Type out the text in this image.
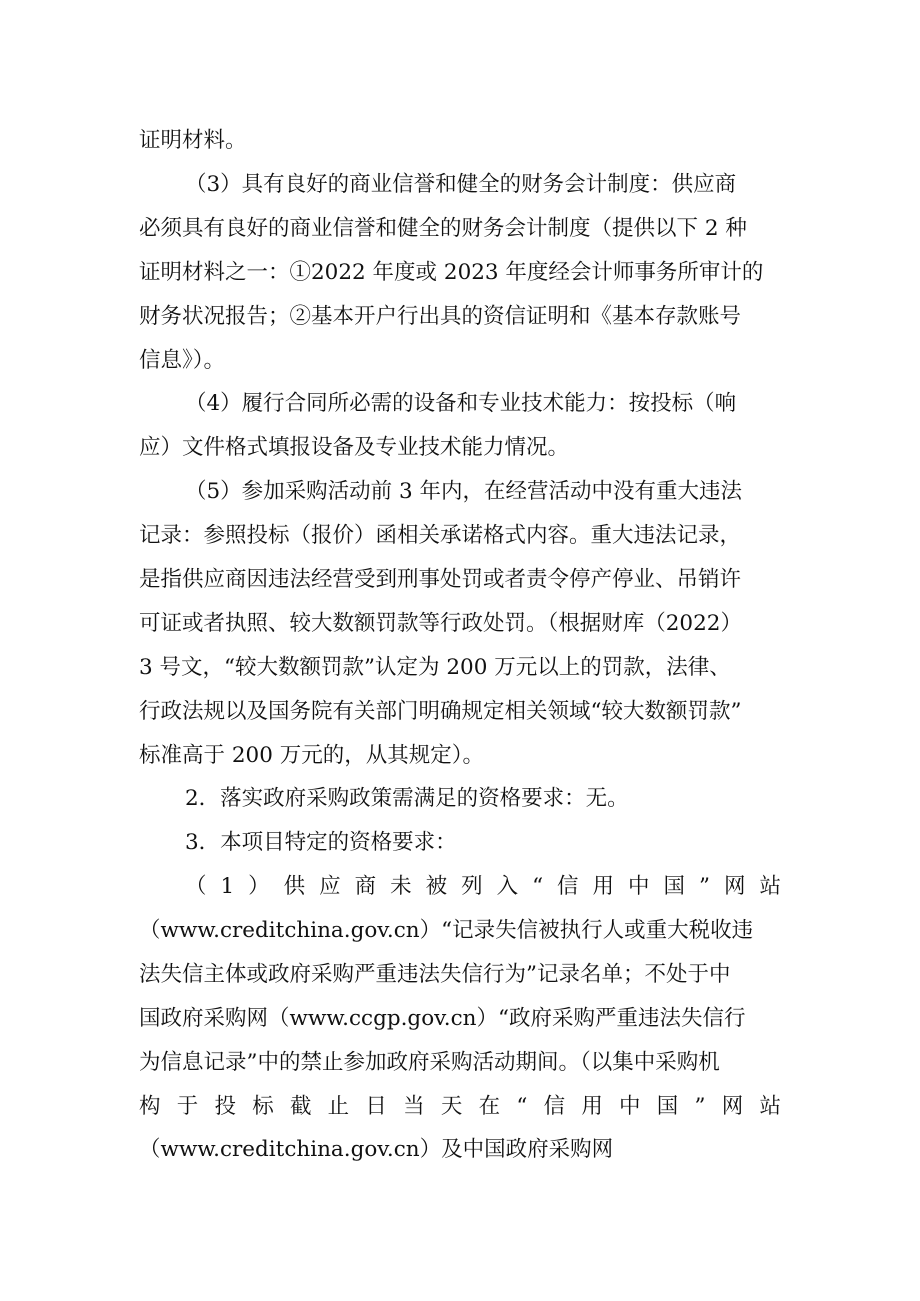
证明材料。
（3）具有良好的商业信誉和健全的财务会计制度：供应商
必须具有良好的商业信誉和健全的财务会计制度（提供以下 2 种
证明材料之一：①2022 年度或 2023 年度经会计师事务所审计的
财务状况报告；②基本开户行出具的资信证明和《基本存款账号
信息》）。
（4）履行合同所必需的设备和专业技术能力：按投标（响
应）文件格式填报设备及专业技术能力情况。
（5）参加采购活动前 3 年内，在经营活动中没有重大违法
记录：参照投标（报价）函相关承诺格式内容。重大违法记录，
是指供应商因违法经营受到刑事处罚或者责令停产停业、吊销许
可证或者执照、较大数额罚款等行政处罚。（根据财库（2022）
3 号文，“较大数额罚款”认定为 200 万元以上的罚款，法律、
行政法规以及国务院有关部门明确规定相关领域“较大数额罚款”
标准高于 200 万元的，从其规定）。
2．落实政府采购政策需满足的资格要求：无。
3．本项目特定的资格要求：
（1）供应商未被列入“信用中国”网站
（www.creditchina.gov.cn）“记录失信被执行人或重大税收违
法失信主体或政府采购严重违法失信行为”记录名单；不处于中
国政府采购网（www.ccgp.gov.cn）“政府采购严重违法失信行
为信息记录”中的禁止参加政府采购活动期间。（以集中采购机
构于投标截止日当天在“信用中国”网站
（www.creditchina.gov.cn）及中国政府采购网
